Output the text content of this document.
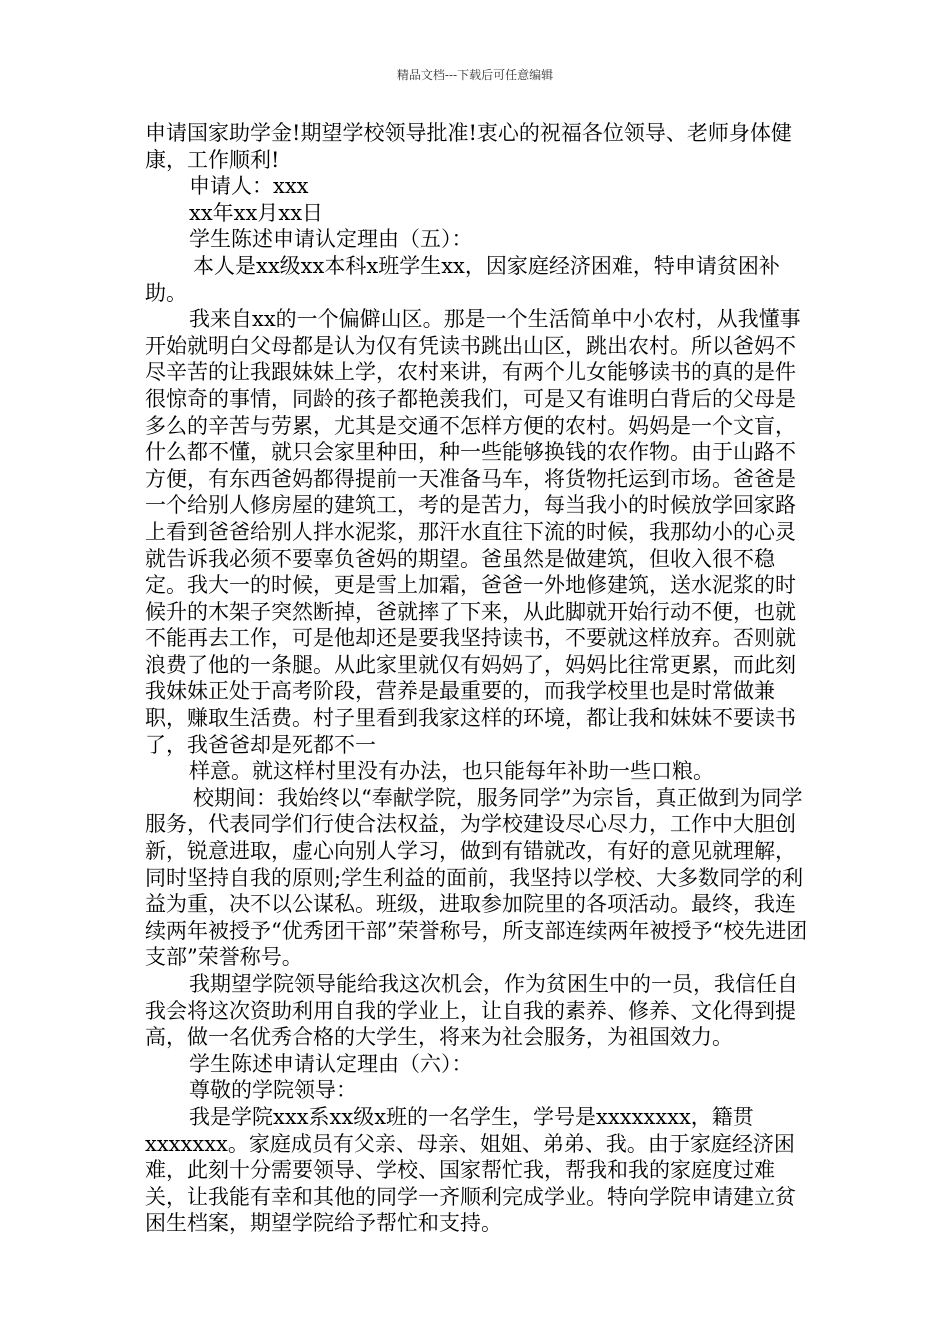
精品文档---下载后可任意编辑

申请国家助学金!期望学校领导批准!衷心的祝福各位领导、老师身体健康，工作顺利!

申请人：xxx

xx年xx月xx日

学生陈述申请认定理由（五）：

本人是xx级xx本科x班学生xx，因家庭经济困难，特申请贫困补助。

我来自xx的一个偏僻山区。那是一个生活简单中小农村，从我懂事开始就明白父母都是认为仅有凭读书跳出山区，跳出农村。所以爸妈不尽辛苦的让我跟妹妹上学，农村来讲，有两个儿女能够读书的真的是件很惊奇的事情，同龄的孩子都艳羡我们，可是又有谁明白背后的父母是多么的辛苦与劳累，尤其是交通不怎样方便的农村。妈妈是一个文盲，什么都不懂，就只会家里种田，种一些能够换钱的农作物。由于山路不方便，有东西爸妈都得提前一天准备马车，将货物托运到市场。爸爸是一个给别人修房屋的建筑工，考的是苦力，每当我小的时候放学回家路上看到爸爸给别人拌水泥浆，那汗水直往下流的时候，我那幼小的心灵就告诉我必须不要辜负爸妈的期望。爸虽然是做建筑，但收入很不稳定。我大一的时候，更是雪上加霜，爸爸一外地修建筑，送水泥浆的时候升的木架子突然断掉，爸就摔了下来，从此脚就开始行动不便，也就不能再去工作，可是他却还是要我坚持读书，不要就这样放弃。否则就浪费了他的一条腿。从此家里就仅有妈妈了，妈妈比往常更累，而此刻我妹妹正处于高考阶段，营养是最重要的，而我学校里也是时常做兼职，赚取生活费。村子里看到我家这样的环境，都让我和妹妹不要读书了，我爸爸却是死都不一

样意。就这样村里没有办法，也只能每年补助一些口粮。

校期间：我始终以“奉献学院，服务同学”为宗旨，真正做到为同学服务，代表同学们行使合法权益，为学校建设尽心尽力，工作中大胆创新，锐意进取，虚心向别人学习，做到有错就改，有好的意见就理解，同时坚持自我的原则;学生利益的面前，我坚持以学校、大多数同学的利益为重，决不以公谋私。班级，进取参加院里的各项活动。最终，我连续两年被授予“优秀团干部”荣誉称号，所支部连续两年被授予“校先进团支部”荣誉称号。

我期望学院领导能给我这次机会，作为贫困生中的一员，我信任自我会将这次资助利用自我的学业上，让自我的素养、修养、文化得到提高，做一名优秀合格的大学生，将来为社会服务，为祖国效力。

学生陈述申请认定理由（六）：

尊敬的学院领导：

我是学院xxx系xx级x班的一名学生，学号是xxxxxxxx，籍贯xxxxxxx。家庭成员有父亲、母亲、姐姐、弟弟、我。由于家庭经济困难，此刻十分需要领导、学校、国家帮忙我，帮我和我的家庭度过难关，让我能有幸和其他的同学一齐顺利完成学业。特向学院申请建立贫困生档案，期望学院给予帮忙和支持。
